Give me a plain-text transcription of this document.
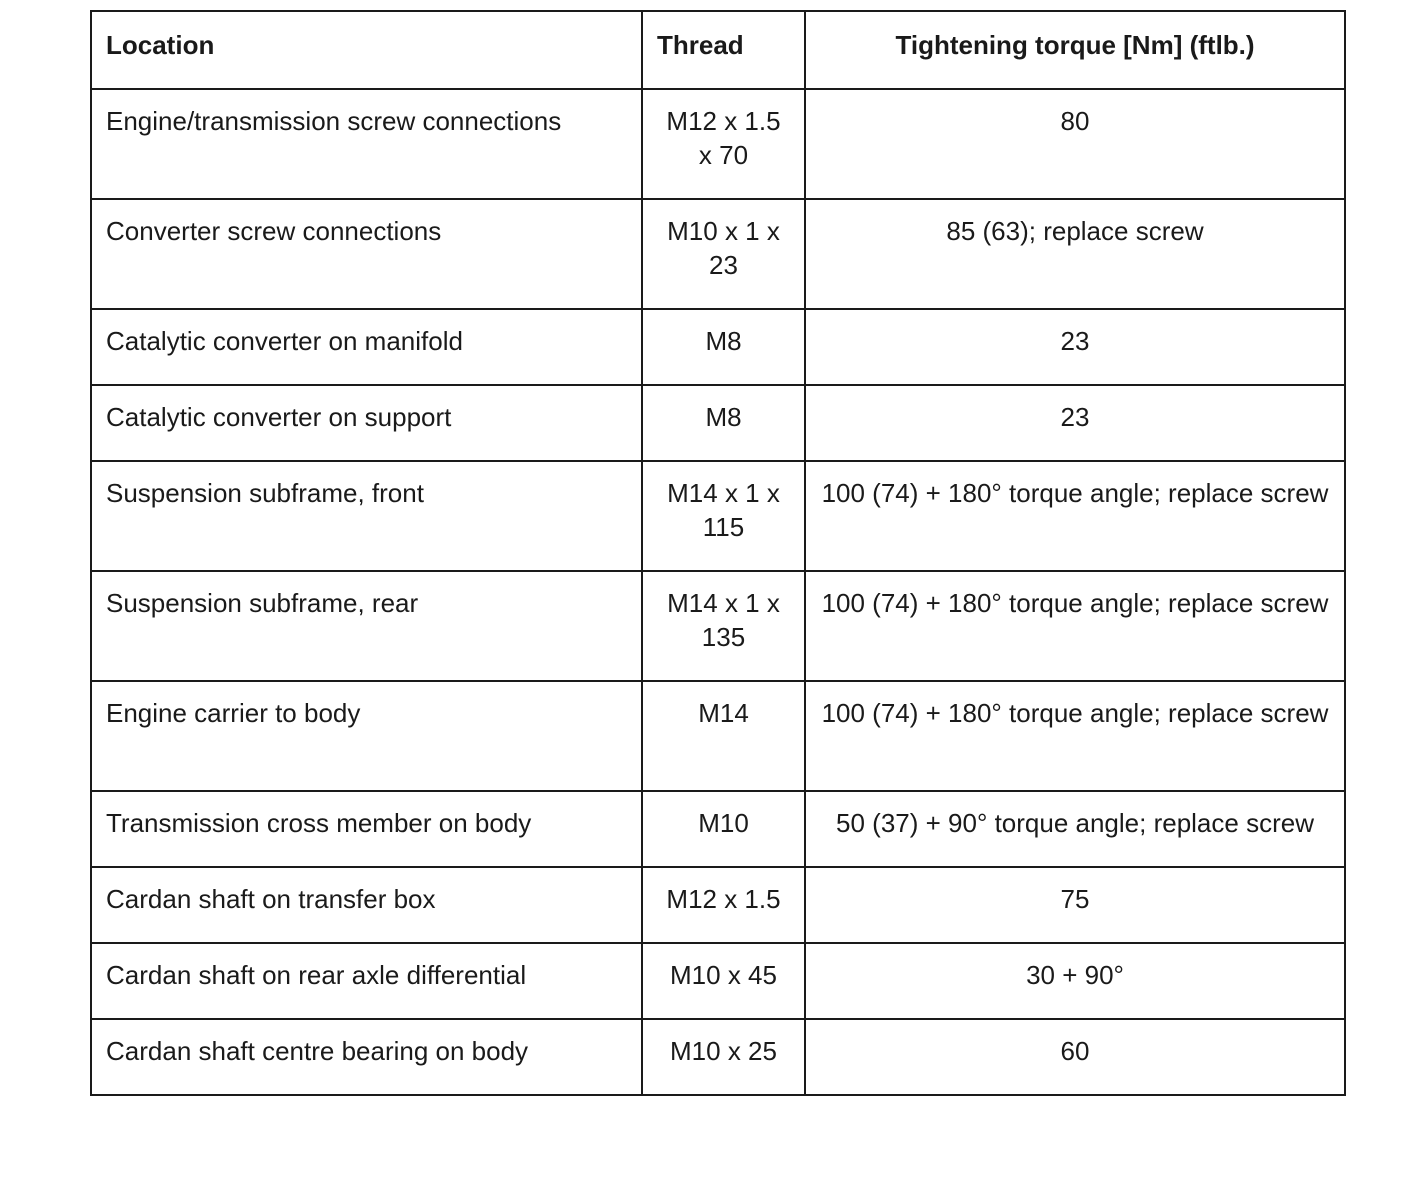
Location	Thread	Tightening torque [Nm] (ftlb.)
Engine/transmission screw connections	M12 x 1.5 x 70	80
Converter screw connections	M10 x 1 x 23	85 (63); replace screw
Catalytic converter on manifold	M8	23
Catalytic converter on support	M8	23
Suspension subframe, front	M14 x 1 x 115	100 (74) + 180° torque angle; replace screw
Suspension subframe, rear	M14 x 1 x 135	100 (74) + 180° torque angle; replace screw
Engine carrier to body	M14	100 (74) + 180° torque angle; replace screw
Transmission cross member on body	M10	50 (37) + 90° torque angle; replace screw
Cardan shaft on transfer box	M12 x 1.5	75
Cardan shaft on rear axle differential	M10 x 45	30 + 90°
Cardan shaft centre bearing on body	M10 x 25	60
